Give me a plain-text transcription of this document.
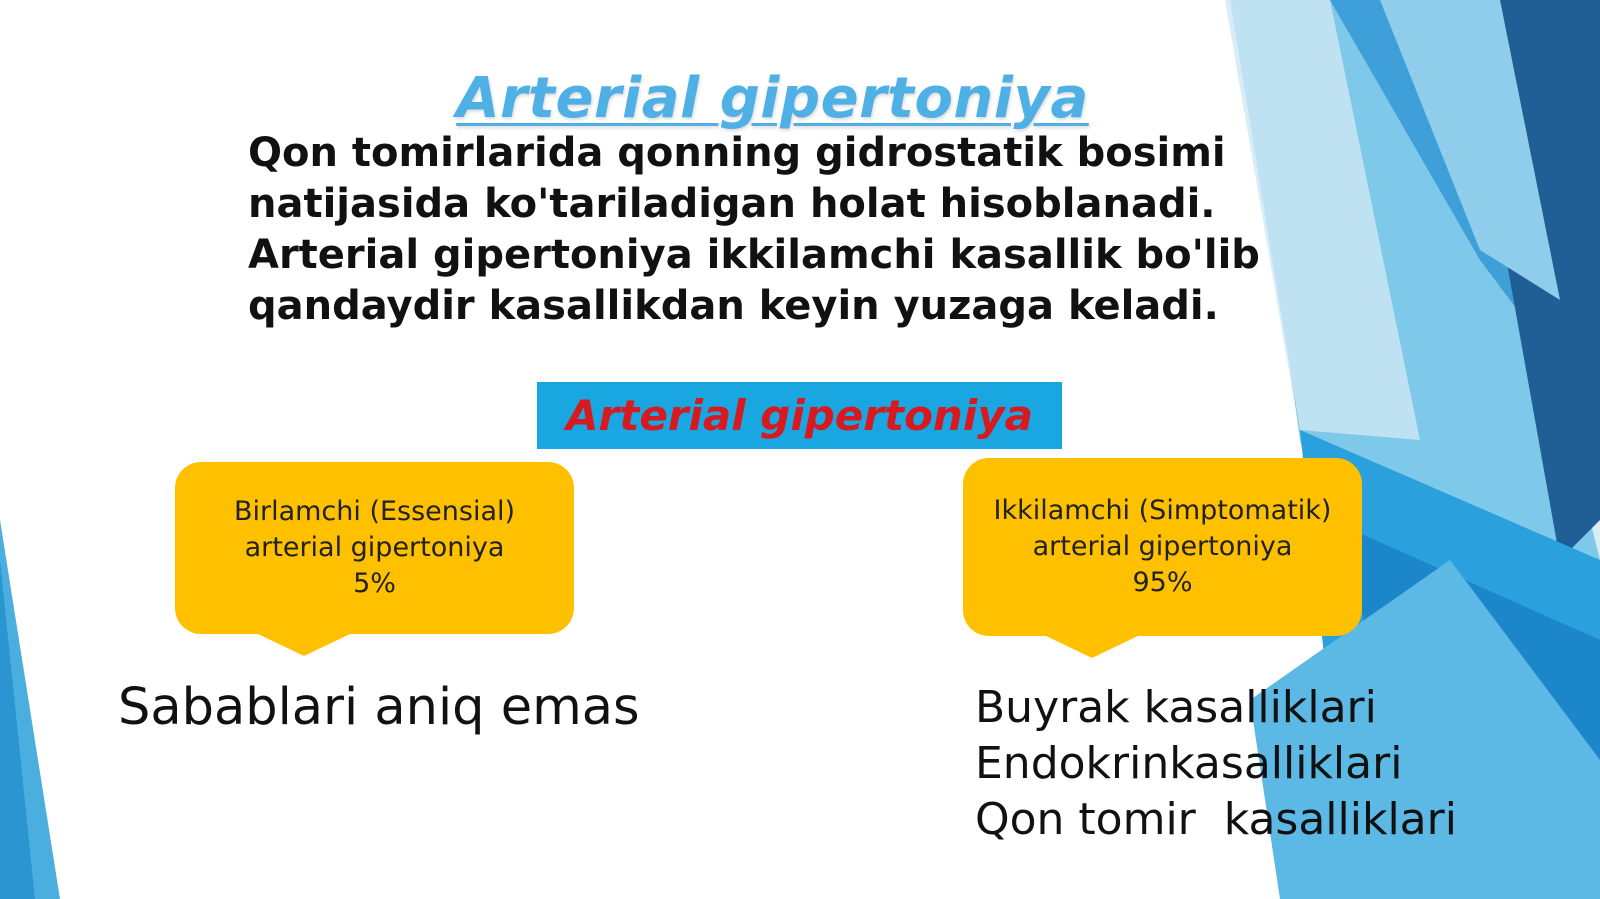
Arterial gipertoniya
Qon tomirlarida qonning gidrostatik bosimi
natijasida ko'tariladigan holat hisoblanadi.
Arterial gipertoniya ikkilamchi kasallik bo'lib
qandaydir kasallikdan keyin yuzaga keladi.
Arterial gipertoniya
Birlamchi (Essensial)
arterial gipertoniya
5%
Ikkilamchi (Simptomatik)
arterial gipertoniya
95%
Sabablari aniq emas	Buyrak kasalliklari
Endokrinkasalliklari
Qon tomir  kasalliklari
